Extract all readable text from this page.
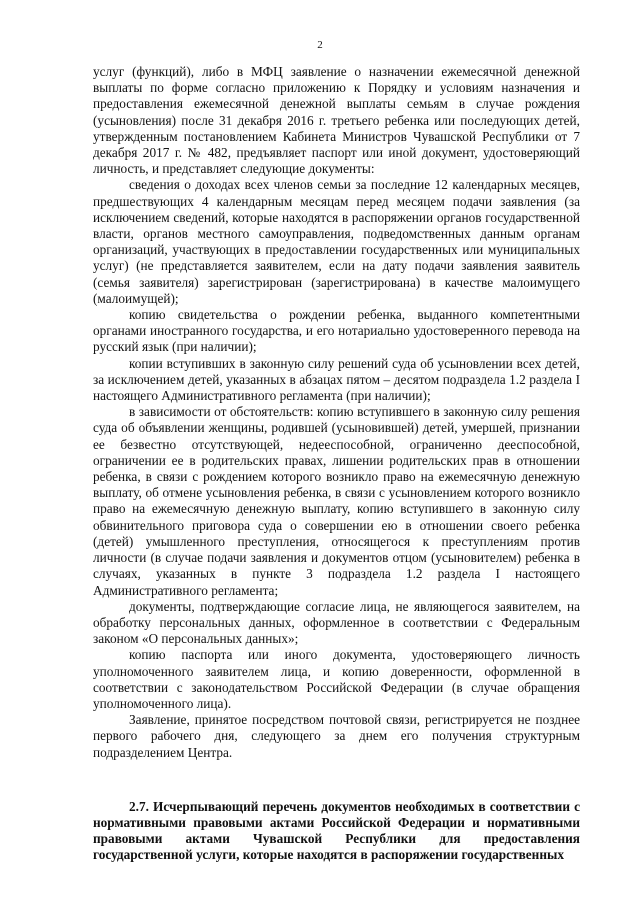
2

услуг (функций), либо в МФЦ заявление о назначении ежемесячной денежной выплаты по форме согласно приложению к Порядку и условиям назначения и предоставления ежемесячной денежной выплаты семьям в случае рождения (усыновления) после 31 декабря 2016 г. третьего ребенка или последующих детей, утвержденным постановлением Кабинета Министров Чувашской Республики от 7 декабря 2017 г. № 482, предъявляет паспорт или иной документ, удостоверяющий личность, и представляет следующие документы:

сведения о доходах всех членов семьи за последние 12 календарных месяцев, предшествующих 4 календарным месяцам перед месяцем подачи заявления (за исключением сведений, которые находятся в распоряжении органов государственной власти, органов местного самоуправления, подведомственных данным органам организаций, участвующих в предоставлении государственных или муниципальных услуг) (не представляется заявителем, если на дату подачи заявления заявитель (семья заявителя) зарегистрирован (зарегистрирована) в качестве малоимущего (малоимущей);

копию свидетельства о рождении ребенка, выданного компетентными органами иностранного государства, и его нотариально удостоверенного перевода на русский язык (при наличии);

копии вступивших в законную силу решений суда об усыновлении всех детей, за исключением детей, указанных в абзацах пятом – десятом подраздела 1.2 раздела I настоящего Административного регламента (при наличии);

в зависимости от обстоятельств: копию вступившего в законную силу решения суда об объявлении женщины, родившей (усыновившей) детей, умершей, признании ее безвестно отсутствующей, недееспособной, ограниченно дееспособной, ограничении ее в родительских правах, лишении родительских прав в отношении ребенка, в связи с рождением которого возникло право на ежемесячную денежную выплату, об отмене усыновления ребенка, в связи с усыновлением которого возникло право на ежемесячную денежную выплату, копию вступившего в законную силу обвинительного приговора суда о совершении ею в отношении своего ребенка (детей) умышленного преступления, относящегося к преступлениям против личности (в случае подачи заявления и документов отцом (усыновителем) ребенка в случаях, указанных в пункте 3 подраздела 1.2 раздела I настоящего Административного регламента;

документы, подтверждающие согласие лица, не являющегося заявителем, на обработку персональных данных, оформленное в соответствии с Федеральным законом «О персональных данных»;

копию паспорта или иного документа, удостоверяющего личность уполномоченного заявителем лица, и копию доверенности, оформленной в соответствии с законодательством Российской Федерации (в случае обращения уполномоченного лица).

Заявление, принятое посредством почтовой связи, регистрируется не позднее первого рабочего дня, следующего за днем его получения структурным подразделением Центра.

2.7. Исчерпывающий перечень документов необходимых в соответствии с нормативными правовыми актами Российской Федерации и нормативными правовыми актами Чувашской Республики для предоставления государственной услуги, которые находятся в распоряжении государственных
